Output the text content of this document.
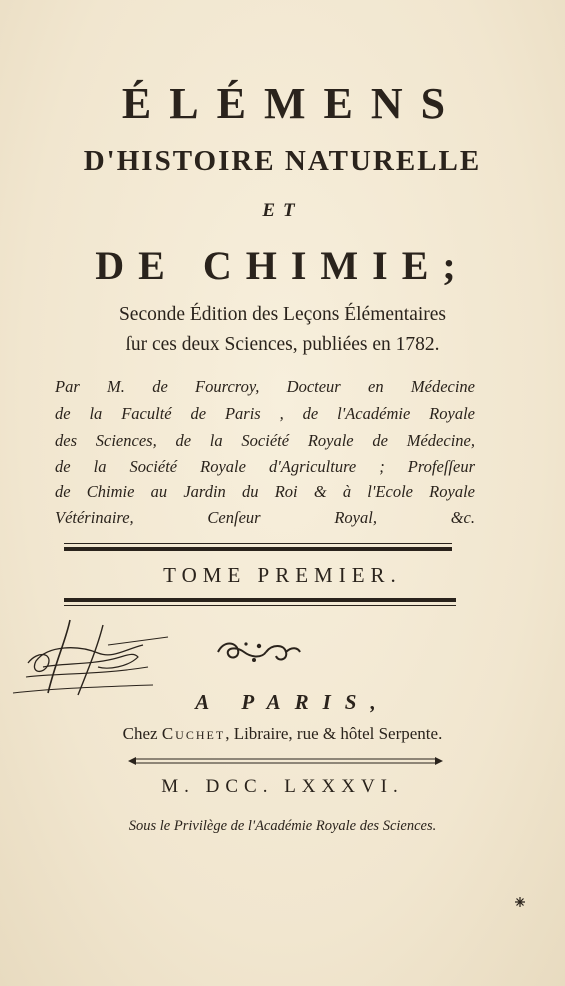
ÉLÉMENS
D'HISTOIRE NATURELLE
ET
DE CHIMIE;
Seconde Édition des Leçons Élémentaires
ſur ces deux Sciences, publiées en 1782.
Par M. de Fourcroy, Docteur en Médecine
de la Faculté de Paris , de l'Académie Royale
des Sciences, de la Société Royale de Médecine,
de la Société Royale d'Agriculture ; Profeſſeur
de Chimie au Jardin du Roi & à l'Ecole Royale
Vétérinaire, Cenſeur Royal, &c.
TOME PREMIER.
A PARIS,
Chez Cuchet, Libraire, rue & hôtel Serpente.
M. DCC. LXXXVI.
Sous le Privilège de l'Académie Royale des Sciences.
